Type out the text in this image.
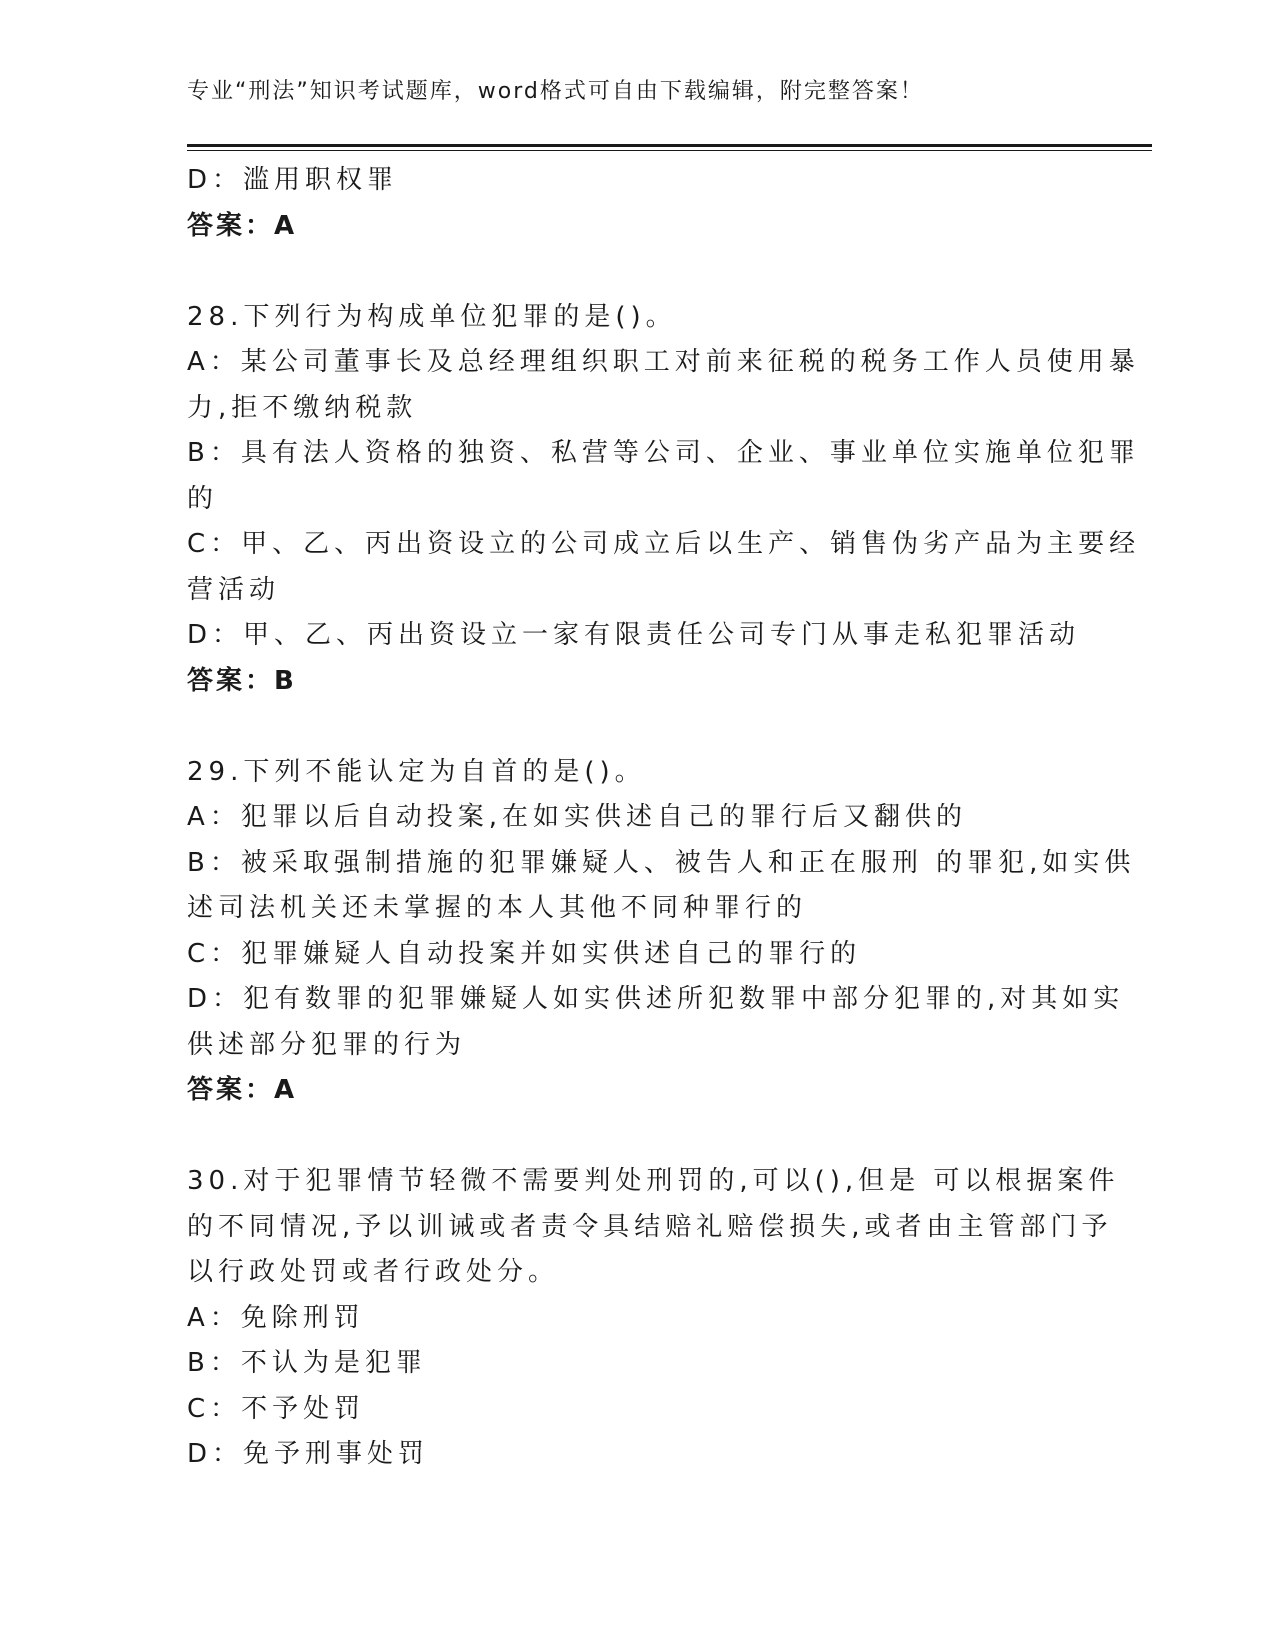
专业“刑法”知识考试题库，word格式可自由下载编辑，附完整答案！
D：滥用职权罪
答案：A
28.下列行为构成单位犯罪的是()。
A：某公司董事长及总经理组织职工对前来征税的税务工作人员使用暴
力,拒不缴纳税款
B：具有法人资格的独资、私营等公司、企业、事业单位实施单位犯罪
的
C：甲、乙、丙出资设立的公司成立后以生产、销售伪劣产品为主要经
营活动
D：甲、乙、丙出资设立一家有限责任公司专门从事走私犯罪活动
答案：B
29.下列不能认定为自首的是()。
A：犯罪以后自动投案,在如实供述自己的罪行后又翻供的
B：被采取强制措施的犯罪嫌疑人、被告人和正在服刑 的罪犯,如实供
述司法机关还未掌握的本人其他不同种罪行的
C：犯罪嫌疑人自动投案并如实供述自己的罪行的
D：犯有数罪的犯罪嫌疑人如实供述所犯数罪中部分犯罪的,对其如实
供述部分犯罪的行为
答案：A
30.对于犯罪情节轻微不需要判处刑罚的,可以(),但是 可以根据案件
的不同情况,予以训诫或者责令具结赔礼赔偿损失,或者由主管部门予
以行政处罚或者行政处分。
A：免除刑罚
B：不认为是犯罪
C：不予处罚
D：免予刑事处罚
